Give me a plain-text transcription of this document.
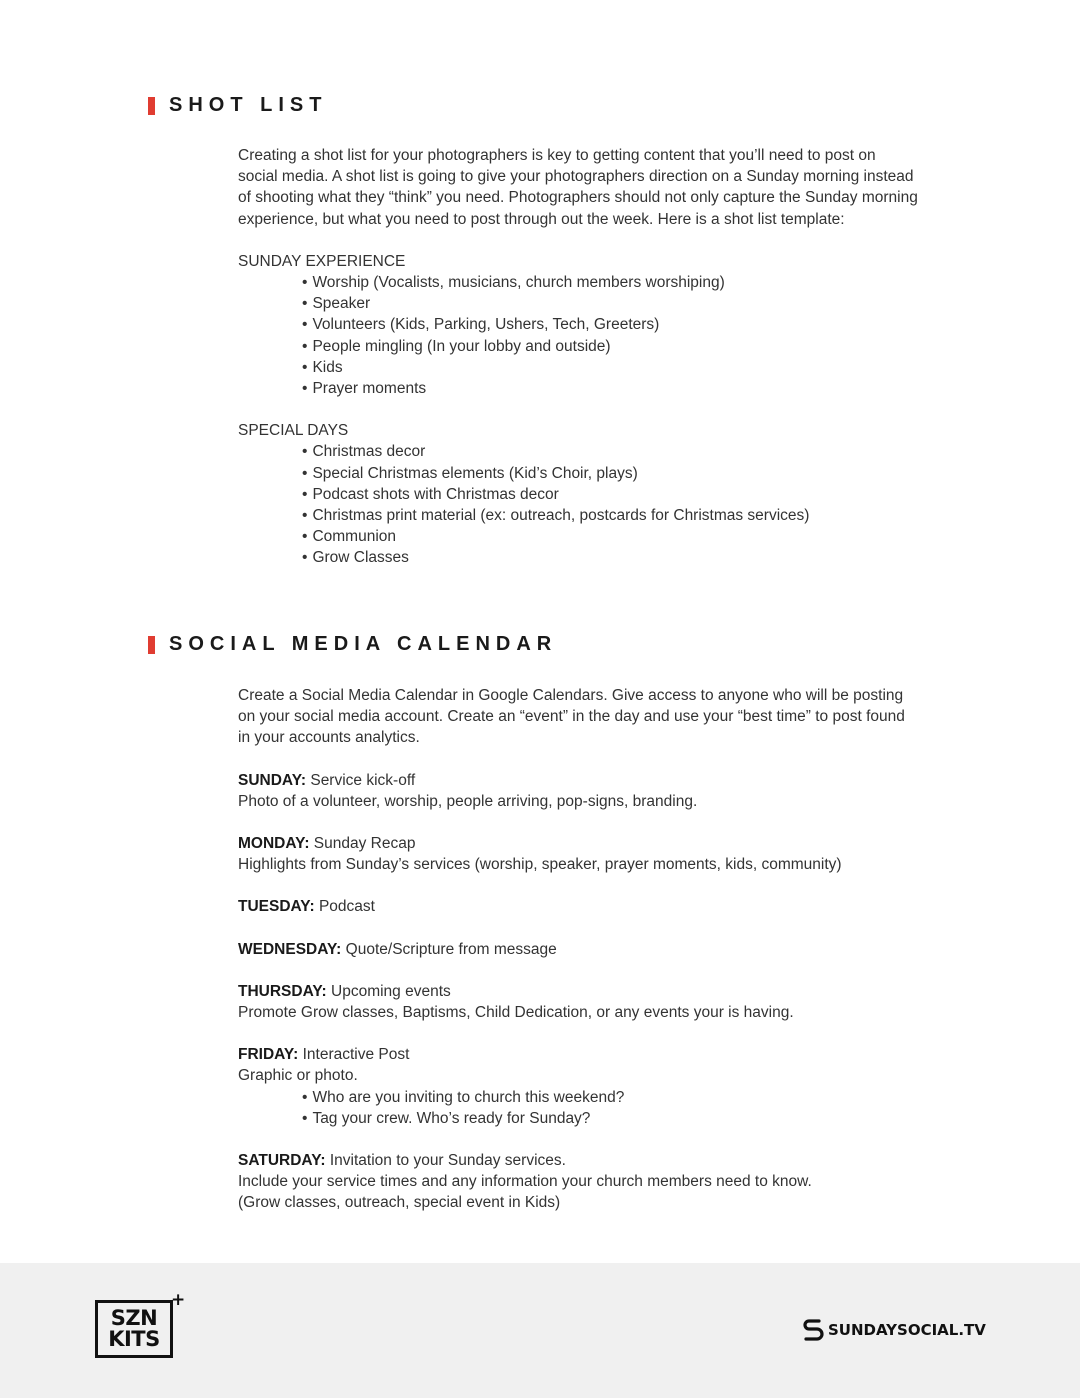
SHOT LIST

Creating a shot list for your photographers is key to getting content that you’ll need to post on social media. A shot list is going to give your photographers direction on a Sunday morning instead of shooting what they “think” you need. Photographers should not only capture the Sunday morning experience, but what you need to post through out the week. Here is a shot list template:

SUNDAY EXPERIENCE

• Worship (Vocalists, musicians, church members worshiping)
• Speaker
• Volunteers (Kids, Parking, Ushers, Tech, Greeters)
• People mingling (In your lobby and outside)
• Kids
• Prayer moments

SPECIAL DAYS

• Christmas decor
• Special Christmas elements (Kid’s Choir, plays)
• Podcast shots with Christmas decor
• Christmas print material (ex: outreach, postcards for Christmas services)
• Communion
• Grow Classes
SOCIAL MEDIA CALENDAR

Create a Social Media Calendar in Google Calendars. Give access to anyone who will be posting on your social media account. Create an “event” in the day and use your “best time” to post found in your accounts analytics.

SUNDAY: Service kick-off

Photo of a volunteer, worship, people arriving, pop-signs, branding.

MONDAY: Sunday Recap

Highlights from Sunday’s services (worship, speaker, prayer moments, kids, community)

TUESDAY: Podcast

WEDNESDAY: Quote/Scripture from message

THURSDAY: Upcoming events

Promote Grow classes, Baptisms, Child Dedication, or any events your is having.

FRIDAY: Interactive Post

Graphic or photo.

• Who are you inviting to church this weekend?
• Tag your crew. Who’s ready for Sunday?

SATURDAY: Invitation to your Sunday services.

Include your service times and any information your church members need to know.

(Grow classes, outreach, special event in Kids)

SZN
KITS
+
SUNDAYSOCIAL.TV
